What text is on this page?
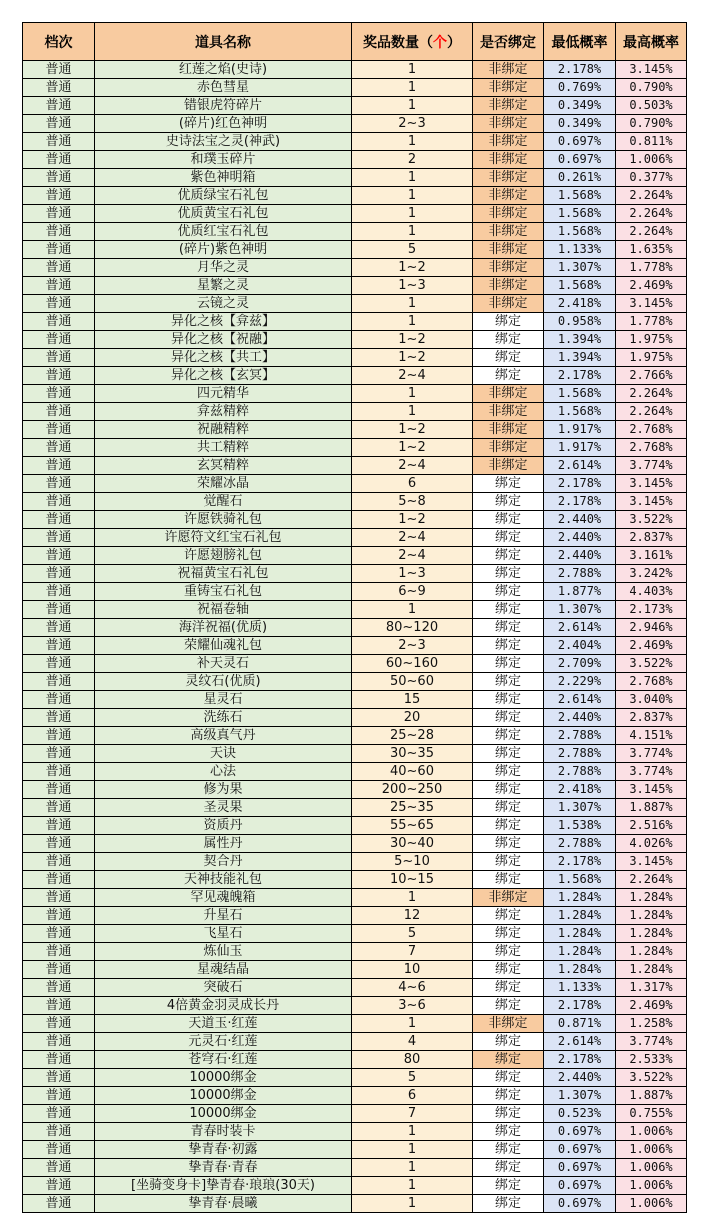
档次	道具名称	奖品数量（个）	是否绑定	最低概率	最高概率
普通	红莲之焰(史诗)	1	非绑定	2.178%	3.145%
普通	赤色彗星	1	非绑定	0.769%	0.790%
普通	错银虎符碎片	1	非绑定	0.349%	0.503%
普通	(碎片)红色神明	2~3	非绑定	0.349%	0.790%
普通	史诗法宝之灵(神武)	1	非绑定	0.697%	0.811%
普通	和璞玉碎片	2	非绑定	0.697%	1.006%
普通	紫色神明箱	1	非绑定	0.261%	0.377%
普通	优质绿宝石礼包	1	非绑定	1.568%	2.264%
普通	优质黄宝石礼包	1	非绑定	1.568%	2.264%
普通	优质红宝石礼包	1	非绑定	1.568%	2.264%
普通	(碎片)紫色神明	5	非绑定	1.133%	1.635%
普通	月华之灵	1~2	非绑定	1.307%	1.778%
普通	星繁之灵	1~3	非绑定	1.568%	2.469%
普通	云镜之灵	1	非绑定	2.418%	3.145%
普通	异化之核【弇兹】	1	绑定	0.958%	1.778%
普通	异化之核【祝融】	1~2	绑定	1.394%	1.975%
普通	异化之核【共工】	1~2	绑定	1.394%	1.975%
普通	异化之核【玄冥】	2~4	绑定	2.178%	2.766%
普通	四元精华	1	非绑定	1.568%	2.264%
普通	弇兹精粹	1	非绑定	1.568%	2.264%
普通	祝融精粹	1~2	非绑定	1.917%	2.768%
普通	共工精粹	1~2	非绑定	1.917%	2.768%
普通	玄冥精粹	2~4	非绑定	2.614%	3.774%
普通	荣耀冰晶	6	绑定	2.178%	3.145%
普通	觉醒石	5~8	绑定	2.178%	3.145%
普通	许愿铁骑礼包	1~2	绑定	2.440%	3.522%
普通	许愿符文红宝石礼包	2~4	绑定	2.440%	2.837%
普通	许愿翅膀礼包	2~4	绑定	2.440%	3.161%
普通	祝福黄宝石礼包	1~3	绑定	2.788%	3.242%
普通	重铸宝石礼包	6~9	绑定	1.877%	4.403%
普通	祝福卷轴	1	绑定	1.307%	2.173%
普通	海洋祝福(优质)	80~120	绑定	2.614%	2.946%
普通	荣耀仙魂礼包	2~3	绑定	2.404%	2.469%
普通	补天灵石	60~160	绑定	2.709%	3.522%
普通	灵纹石(优质)	50~60	绑定	2.229%	2.768%
普通	星灵石	15	绑定	2.614%	3.040%
普通	洗练石	20	绑定	2.440%	2.837%
普通	高级真气丹	25~28	绑定	2.788%	4.151%
普通	天诀	30~35	绑定	2.788%	3.774%
普通	心法	40~60	绑定	2.788%	3.774%
普通	修为果	200~250	绑定	2.418%	3.145%
普通	圣灵果	25~35	绑定	1.307%	1.887%
普通	资质丹	55~65	绑定	1.538%	2.516%
普通	属性丹	30~40	绑定	2.788%	4.026%
普通	契合丹	5~10	绑定	2.178%	3.145%
普通	天神技能礼包	10~15	绑定	1.568%	2.264%
普通	罕见魂魄箱	1	非绑定	1.284%	1.284%
普通	升星石	12	绑定	1.284%	1.284%
普通	飞星石	5	绑定	1.284%	1.284%
普通	炼仙玉	7	绑定	1.284%	1.284%
普通	星魂结晶	10	绑定	1.284%	1.284%
普通	突破石	4~6	绑定	1.133%	1.317%
普通	4倍黄金羽灵成长丹	3~6	绑定	2.178%	2.469%
普通	天道玉·红莲	1	非绑定	0.871%	1.258%
普通	元灵石·红莲	4	绑定	2.614%	3.774%
普通	苍穹石·红莲	80	绑定	2.178%	2.533%
普通	10000绑金	5	绑定	2.440%	3.522%
普通	10000绑金	6	绑定	1.307%	1.887%
普通	10000绑金	7	绑定	0.523%	0.755%
普通	青春时装卡	1	绑定	0.697%	1.006%
普通	挚青春·初露	1	绑定	0.697%	1.006%
普通	挚青春·青春	1	绑定	0.697%	1.006%
普通	[坐骑变身卡]挚青春·琅琅(30天)	1	绑定	0.697%	1.006%
普通	挚青春·晨曦	1	绑定	0.697%	1.006%
